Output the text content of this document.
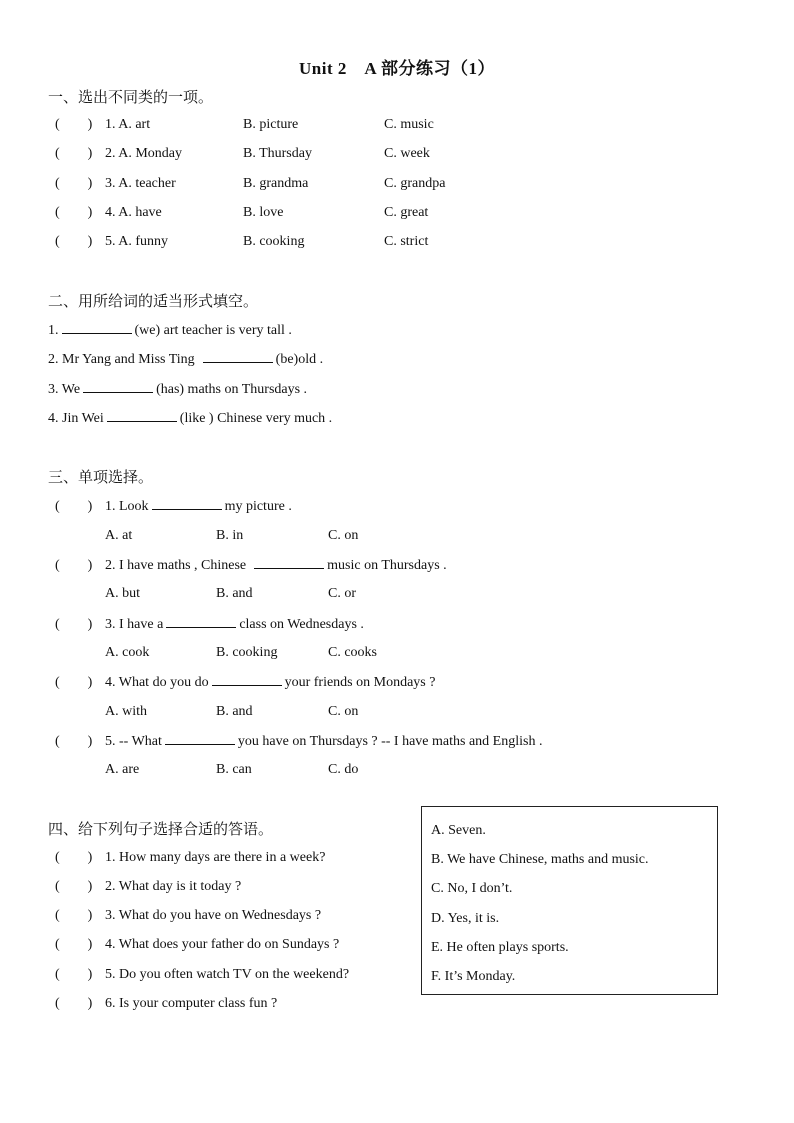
Unit 2　A 部分练习（1）
一、选出不同类的一项。
(　　) 1. A. art	B. picture	C. music
(　　) 2. A. Monday	B. Thursday	C. week
(　　) 3. A. teacher	B. grandma	C. grandpa
(　　) 4. A. have	B. love	C. great
(　　) 5. A. funny	B. cooking	C. strict
二、用所给词的适当形式填空。
1.	(we) art teacher is very tall .
2. Mr Yang and Miss Ting	(be)old .
3. We	(has) maths on Thursdays .
4. Jin Wei	(like ) Chinese very much .
三、单项选择。
(　　) 1. Look	my picture .
A. at	B. in	C. on
(　　) 2. I have maths , Chinese	music on Thursdays .
A. but	B. and	C. or
(　　) 3. I have a	class on Wednesdays .
A. cook	B. cooking	C. cooks
(　　) 4. What do you do	your friends on Mondays ?
A. with	B. and	C. on
(　　) 5. -- What	you have on Thursdays ? -- I have maths and English .
A. are	B. can	C. do
四、给下列句子选择合适的答语。
(　　) 1. How many days are there in a week?
(　　) 2. What day is it today ?
(　　) 3. What do you have on Wednesdays ?
(　　) 4. What does your father do on Sundays ?
(　　) 5. Do you often watch TV on the weekend?
(　　) 6. Is your computer class fun ?
A. Seven.
B. We have Chinese, maths and music.
C. No, I don’t.
D. Yes, it is.
E. He often plays sports.
F. It’s Monday.
